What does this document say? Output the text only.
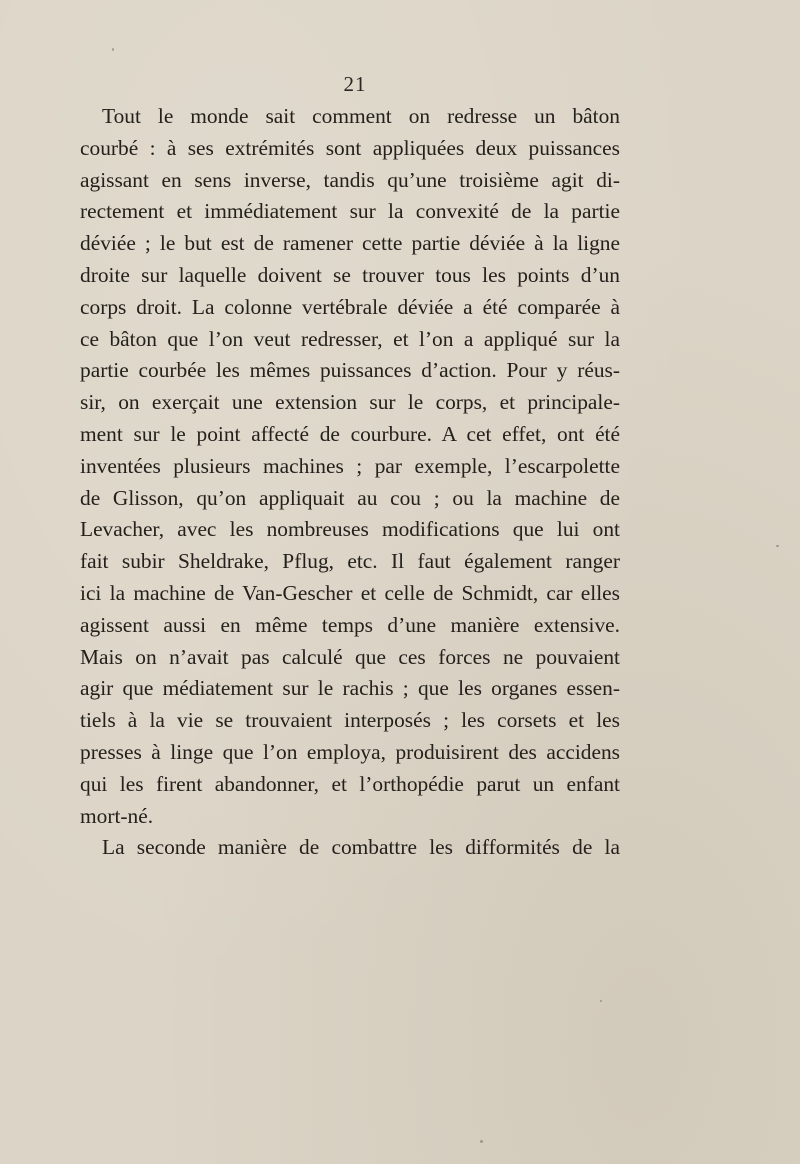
21
Tout le monde sait comment on redresse un bâton
courbé : à ses extrémités sont appliquées deux puissances
agissant en sens inverse, tandis qu’une troisième agit di-
rectement et immédiatement sur la convexité de la partie
déviée ; le but est de ramener cette partie déviée à la ligne
droite sur laquelle doivent se trouver tous les points d’un
corps droit. La colonne vertébrale déviée a été comparée à
ce bâton que l’on veut redresser, et l’on a appliqué sur la
partie courbée les mêmes puissances d’action. Pour y réus-
sir, on exerçait une extension sur le corps, et principale-
ment sur le point affecté de courbure. A cet effet, ont été
inventées plusieurs machines ; par exemple, l’escarpolette
de Glisson, qu’on appliquait au cou ; ou la machine de
Levacher, avec les nombreuses modifications que lui ont
fait subir Sheldrake, Pflug, etc. Il faut également ranger
ici la machine de Van-Gescher et celle de Schmidt, car elles
agissent aussi en même temps d’une manière extensive.
Mais on n’avait pas calculé que ces forces ne pouvaient
agir que médiatement sur le rachis ; que les organes essen-
tiels à la vie se trouvaient interposés ; les corsets et les
presses à linge que l’on employa, produisirent des accidens
qui les firent abandonner, et l’orthopédie parut un enfant
mort-né.
La seconde manière de combattre les difformités de la
